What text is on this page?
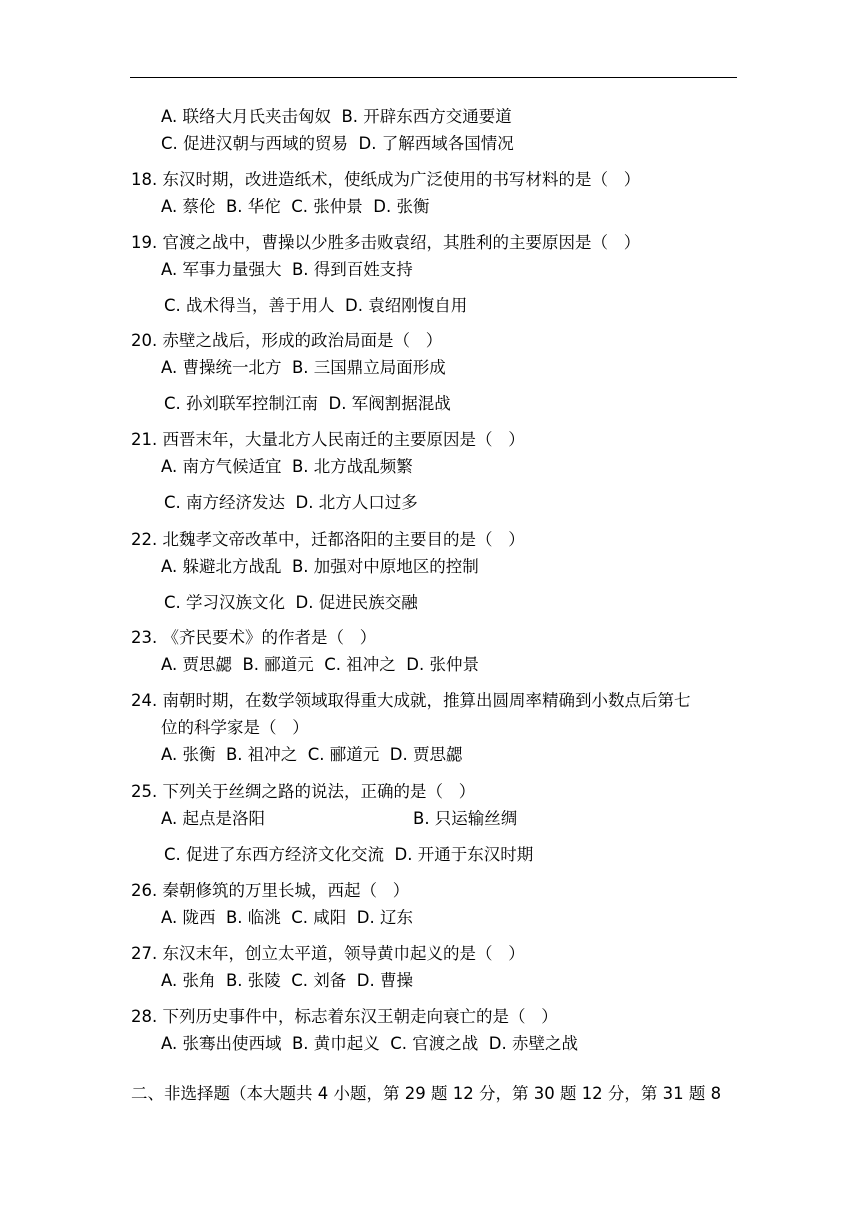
A. 联络大月氏夹击匈奴  B. 开辟东西方交通要道
C. 促进汉朝与西域的贸易  D. 了解西域各国情况
18. 东汉时期，改进造纸术，使纸成为广泛使用的书写材料的是（   ）
A. 蔡伦  B. 华佗  C. 张仲景  D. 张衡
19. 官渡之战中，曹操以少胜多击败袁绍，其胜利的主要原因是（   ）
A. 军事力量强大  B. 得到百姓支持
C. 战术得当，善于用人  D. 袁绍刚愎自用
20. 赤壁之战后，形成的政治局面是（   ）
A. 曹操统一北方  B. 三国鼎立局面形成
C. 孙刘联军控制江南  D. 军阀割据混战
21. 西晋末年，大量北方人民南迁的主要原因是（   ）
A. 南方气候适宜  B. 北方战乱频繁
C. 南方经济发达  D. 北方人口过多
22. 北魏孝文帝改革中，迁都洛阳的主要目的是（   ）
A. 躲避北方战乱  B. 加强对中原地区的控制
C. 学习汉族文化  D. 促进民族交融
23. 《齐民要术》的作者是（   ）
A. 贾思勰  B. 郦道元  C. 祖冲之  D. 张仲景
24. 南朝时期，在数学领域取得重大成就，推算出圆周率精确到小数点后第七
位的科学家是（   ）
A. 张衡  B. 祖冲之  C. 郦道元  D. 贾思勰
25. 下列关于丝绸之路的说法，正确的是（   ）
A. 起点是洛阳	B. 只运输丝绸
C. 促进了东西方经济文化交流  D. 开通于东汉时期
26. 秦朝修筑的万里长城，西起（   ）
A. 陇西  B. 临洮  C. 咸阳  D. 辽东
27. 东汉末年，创立太平道，领导黄巾起义的是（   ）
A. 张角  B. 张陵  C. 刘备  D. 曹操
28. 下列历史事件中，标志着东汉王朝走向衰亡的是（   ）
A. 张骞出使西域  B. 黄巾起义  C. 官渡之战  D. 赤壁之战
二、非选择题（本大题共 4 小题，第 29 题 12 分，第 30 题 12 分，第 31 题 8
